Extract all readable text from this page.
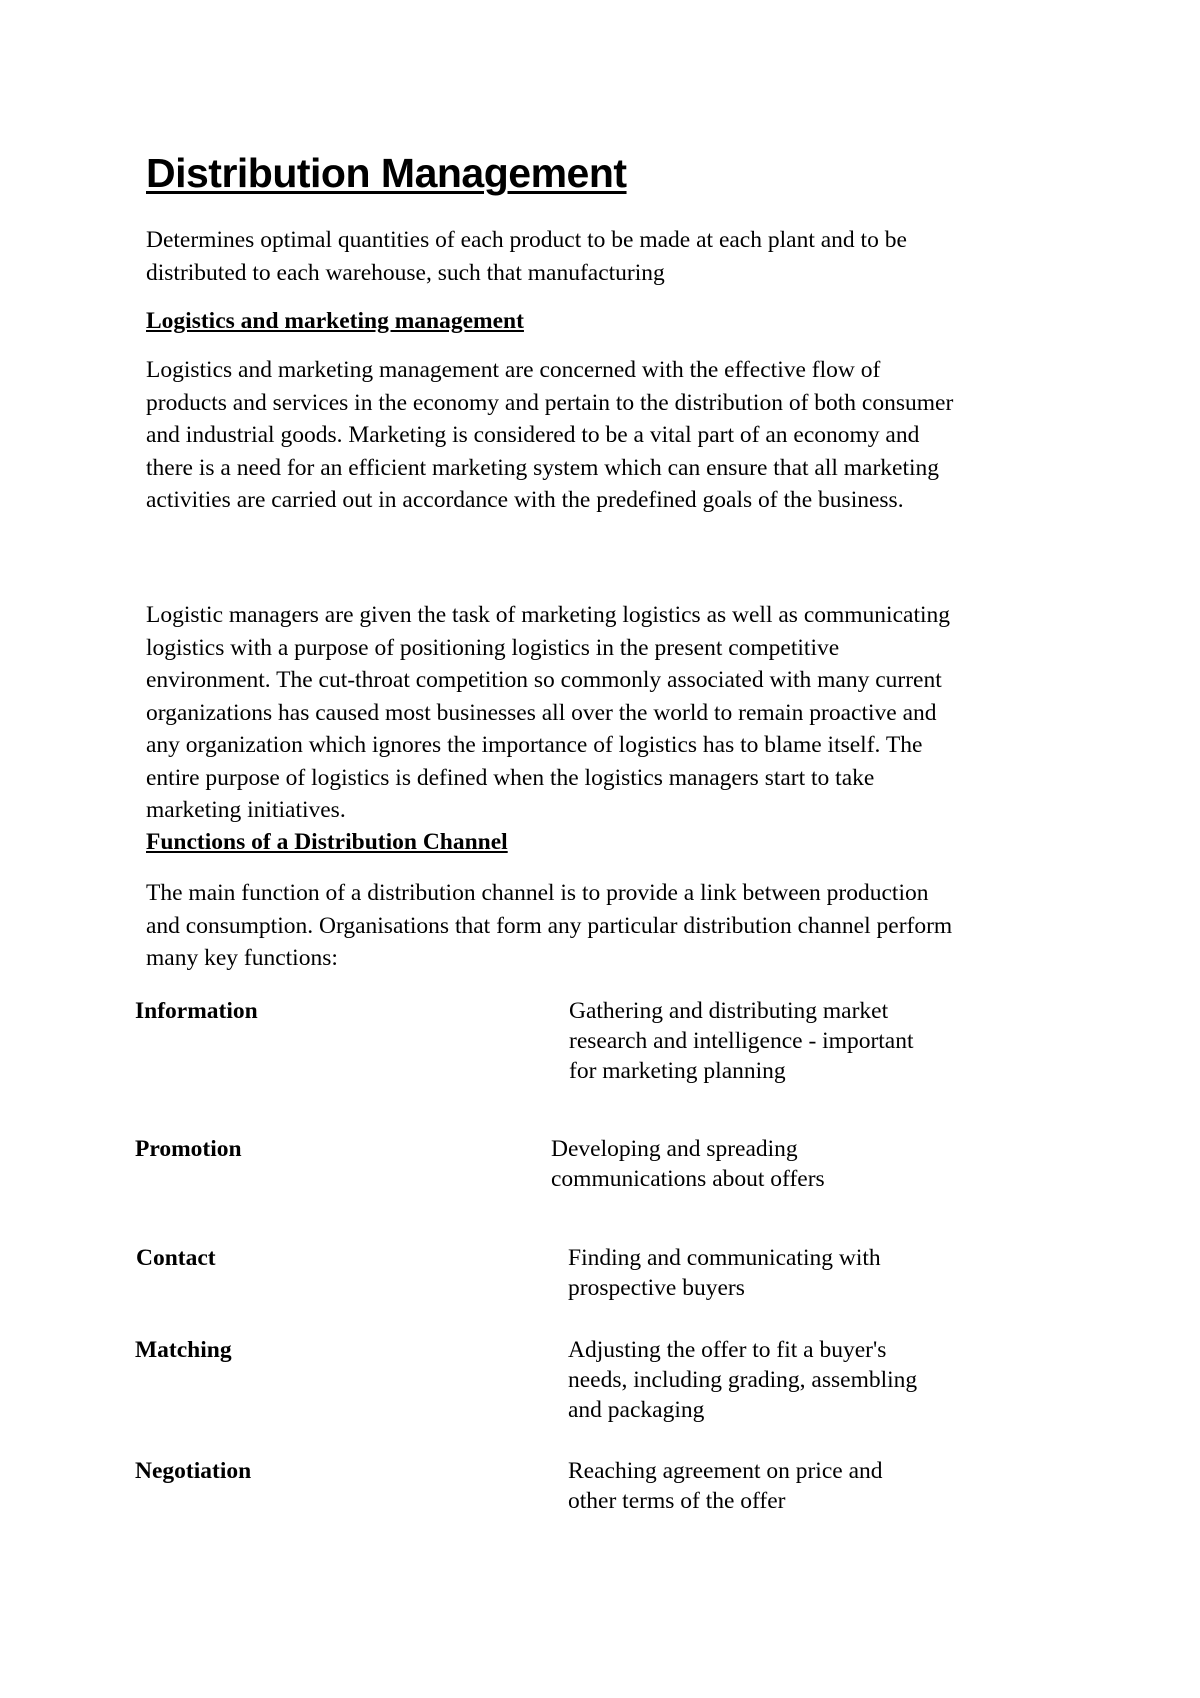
Distribution Management

Determines optimal quantities of each product to be made at each plant and to be
distributed to each warehouse, such that manufacturing

Logistics and marketing management

Logistics and marketing management are concerned with the effective flow of
products and services in the economy and pertain to the distribution of both consumer
and industrial goods. Marketing is considered to be a vital part of an economy and
there is a need for an efficient marketing system which can ensure that all marketing
activities are carried out in accordance with the predefined goals of the business.

Logistic managers are given the task of marketing logistics as well as communicating
logistics with a purpose of positioning logistics in the present competitive
environment. The cut-throat competition so commonly associated with many current
organizations has caused most businesses all over the world to remain proactive and
any organization which ignores the importance of logistics has to blame itself. The
entire purpose of logistics is defined when the logistics managers start to take
marketing initiatives.

Functions of a Distribution Channel

The main function of a distribution channel is to provide a link between production
and consumption. Organisations that form any particular distribution channel perform
many key functions:

Information	Gathering and distributing market
research and intelligence - important
for marketing planning
Promotion	Developing and spreading
communications about offers
Contact	Finding and communicating with
prospective buyers
Matching	Adjusting the offer to fit a buyer's
needs, including grading, assembling
and packaging
Negotiation	Reaching agreement on price and
other terms of the offer
